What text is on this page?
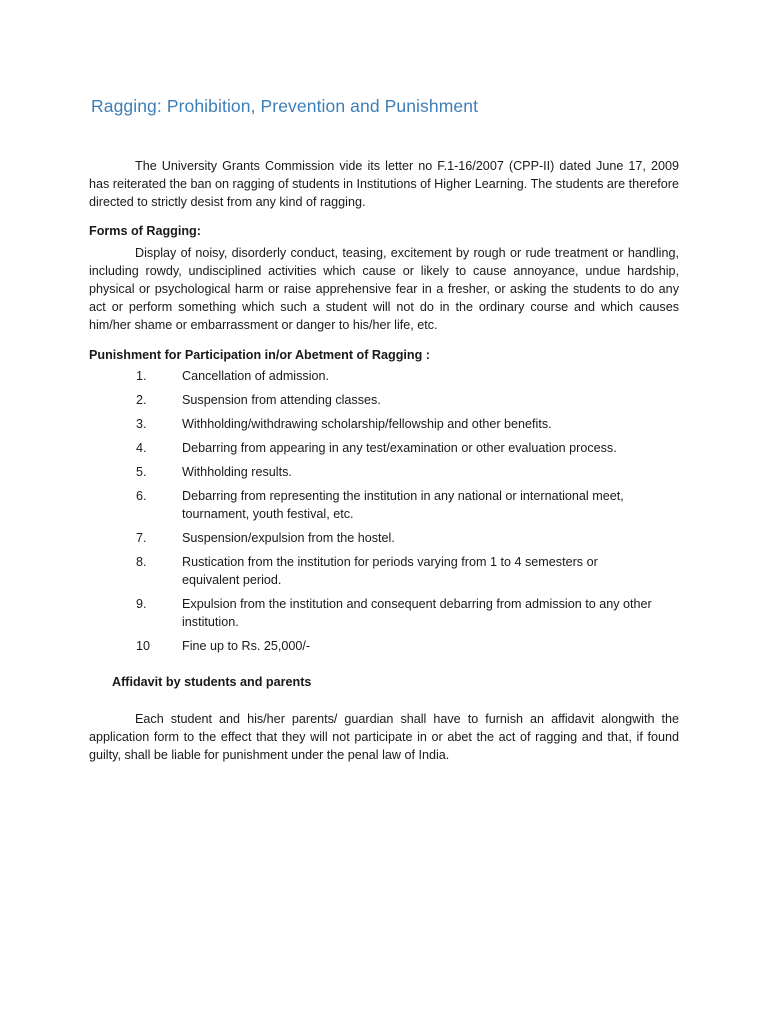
Ragging: Prohibition, Prevention and Punishment

The University Grants Commission vide its letter no F.1-16/2007 (CPP-II) dated June 17, 2009 has reiterated the ban on ragging of students in Institutions of Higher Learning. The students are therefore directed to strictly desist from any kind of ragging.

Forms of Ragging:

Display of noisy, disorderly conduct, teasing, excitement by rough or rude treatment or handling, including rowdy, undisciplined activities which cause or likely to cause annoyance, undue hardship, physical or psychological harm or raise apprehensive fear in a fresher, or asking the students to do any act or perform something which such a student will not do in the ordinary course and which causes him/her shame or embarrassment or danger to his/her life, etc.

Punishment for Participation in/or Abetment of Ragging :
1.	Cancellation of admission.
2.	Suspension from attending classes.
3.	Withholding/withdrawing scholarship/fellowship and other benefits.
4.	Debarring from appearing in any test/examination or other evaluation process.
5.	Withholding results.
6.	Debarring from representing the institution in any national or international meet, tournament, youth festival, etc.
7.	Suspension/expulsion from the hostel.
8.	Rustication from the institution for periods varying from 1 to 4 semesters or equivalent period.
9.	Expulsion from the institution and consequent debarring from admission to any other institution.
10	Fine up to Rs. 25,000/-
Affidavit by students and parents

Each student and his/her parents/ guardian shall have to furnish an affidavit alongwith the application form to the effect that they will not participate in or abet the act of ragging and that, if found guilty, shall be liable for punishment under the penal law of India.
